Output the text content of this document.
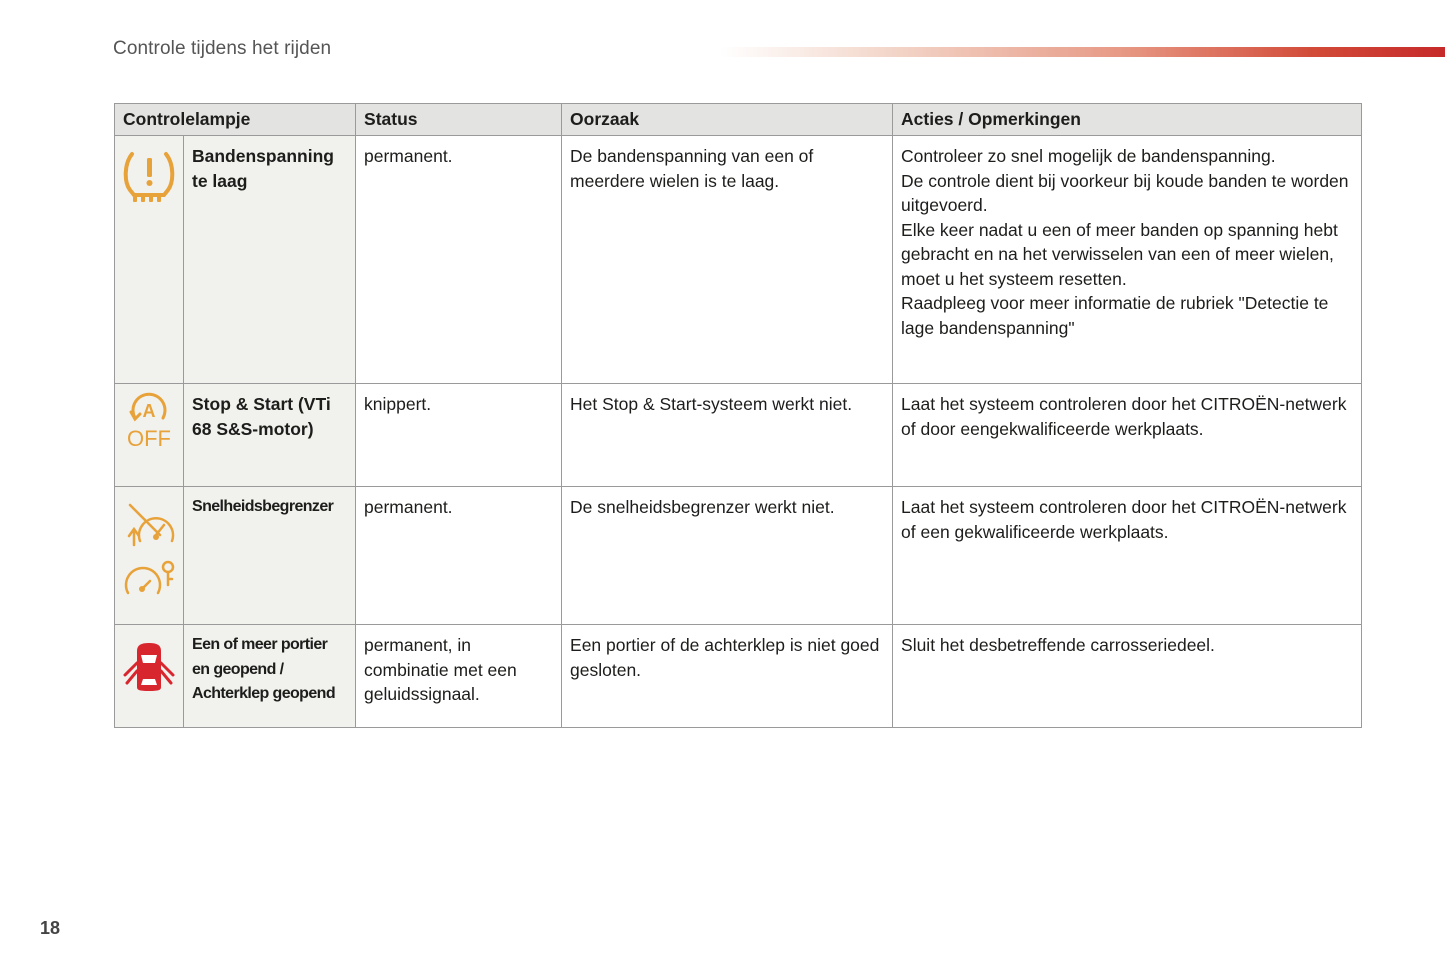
Controle tijdens het rijden
Controlelampje		Status	Oorzaak	Acties / Opmerkingen

	Bandenspanning te laag	permanent.	De bandenspanning van een of meerdere wielen is te laag.	Controleer zo snel mogelijk de bandenspanning.
De controle dient bij voorkeur bij koude banden te worden uitgevoerd.
Elke keer nadat u een of meer banden op spanning hebt gebracht en na het verwisselen van een of meer wielen, moet u het systeem resetten.
Raadpleeg voor meer informatie de rubriek "Detectie te lage bandenspanning"

A
OFF	Stop & Start (VTi 68 S&S-motor)	knippert.	Het Stop & Start-systeem werkt niet.	Laat het systeem controleren door het CITROËN-netwerk of door eengekwalificeerde werkplaats.

Snelheidsbegrenzer	permanent.	De snelheidsbegrenzer werkt niet.	Laat het systeem controleren door het CITROËN-netwerk of een gekwalificeerde werkplaats.

Een of meer portier en geopend / Achterklep geopend	permanent, in combinatie met een geluidssignaal.	Een portier of de achterklep is niet goed gesloten.	Sluit het desbetreffende carrosseriedeel.
18
